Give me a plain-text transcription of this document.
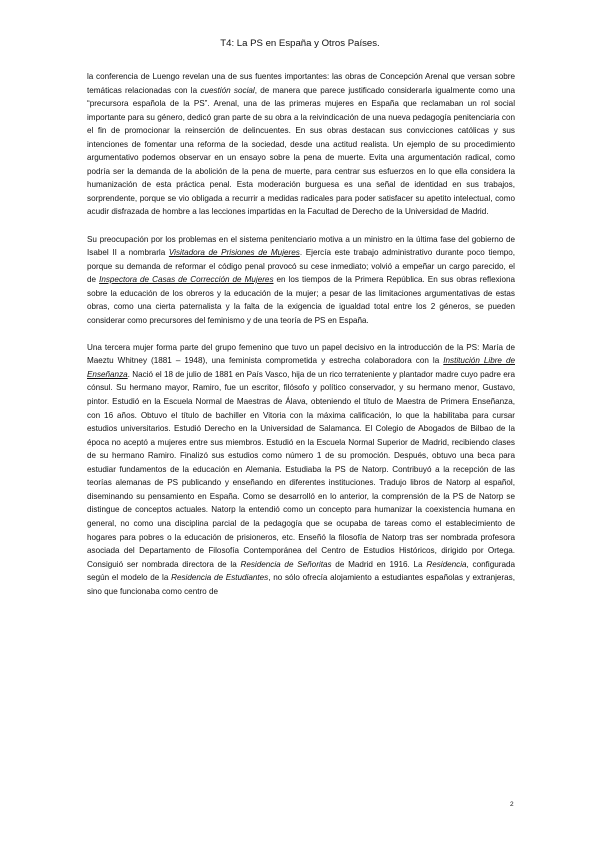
T4: La PS en España y Otros Países.

la conferencia de Luengo revelan una de sus fuentes importantes: las obras de Concepción Arenal que versan sobre temáticas relacionadas con la cuestión social, de manera que parece justificado considerarla igualmente como una “precursora española de la PS”. Arenal, una de las primeras mujeres en España que reclamaban un rol social importante para su género, dedicó gran parte de su obra a la reivindicación de una nueva pedagogía penitenciaria con el fin de promocionar la reinserción de delincuentes. En sus obras destacan sus convicciones católicas y sus intenciones de fomentar una reforma de la sociedad, desde una actitud realista. Un ejemplo de su procedimiento argumentativo podemos observar en un ensayo sobre la pena de muerte. Evita una argumentación radical, como podría ser la demanda de la abolición de la pena de muerte, para centrar sus esfuerzos en lo que ella considera la humanización de esta práctica penal. Esta moderación burguesa es una señal de identidad en sus trabajos, sorprendente, porque se vio obligada a recurrir a medidas radicales para poder satisfacer su apetito intelectual, como acudir disfrazada de hombre a las lecciones impartidas en la Facultad de Derecho de la Universidad de Madrid.

Su preocupación por los problemas en el sistema penitenciario motiva a un ministro en la última fase del gobierno de Isabel II a nombrarla Visitadora de Prisiones de Mujeres. Ejercía este trabajo administrativo durante poco tiempo, porque su demanda de reformar el código penal provocó su cese inmediato; volvió a empeñar un cargo parecido, el de Inspectora de Casas de Corrección de Mujeres en los tiempos de la Primera República. En sus obras reflexiona sobre la educación de los obreros y la educación de la mujer; a pesar de las limitaciones argumentativas de estas obras, como una cierta paternalista y la falta de la exigencia de igualdad total entre los 2 géneros, se pueden considerar como precursores del feminismo y de una teoría de PS en España.

Una tercera mujer forma parte del grupo femenino que tuvo un papel decisivo en la introducción de la PS: María de Maeztu Whitney (1881 – 1948), una feminista comprometida y estrecha colaboradora con la Institución Libre de Enseñanza. Nació el 18 de julio de 1881 en País Vasco, hija de un rico terrateniente y plantador madre cuyo padre era cónsul. Su hermano mayor, Ramiro, fue un escritor, filósofo y político conservador, y su hermano menor, Gustavo, pintor. Estudió en la Escuela Normal de Maestras de Álava, obteniendo el título de Maestra de Primera Enseñanza, con 16 años. Obtuvo el título de bachiller en Vitoria con la máxima calificación, lo que la habilitaba para cursar estudios universitarios. Estudió Derecho en la Universidad de Salamanca. El Colegio de Abogados de Bilbao de la época no aceptó a mujeres entre sus miembros. Estudió en la Escuela Normal Superior de Madrid, recibiendo clases de su hermano Ramiro. Finalizó sus estudios como número 1 de su promoción. Después, obtuvo una beca para estudiar fundamentos de la educación en Alemania. Estudiaba la PS de Natorp. Contribuyó a la recepción de las teorías alemanas de PS publicando y enseñando en diferentes instituciones. Tradujo libros de Natorp al español, diseminando su pensamiento en España. Como se desarrolló en lo anterior, la comprensión de la PS de Natorp se distingue de conceptos actuales. Natorp la entendió como un concepto para humanizar la coexistencia humana en general, no como una disciplina parcial de la pedagogía que se ocupaba de tareas como el establecimiento de hogares para pobres o la educación de prisioneros, etc. Enseñó la filosofía de Natorp tras ser nombrada profesora asociada del Departamento de Filosofía Contemporánea del Centro de Estudios Históricos, dirigido por Ortega. Consiguió ser nombrada directora de la Residencia de Señoritas de Madrid en 1916. La Residencia, configurada según el modelo de la Residencia de Estudiantes, no sólo ofrecía alojamiento a estudiantes españolas y extranjeras, sino que funcionaba como centro de

2
